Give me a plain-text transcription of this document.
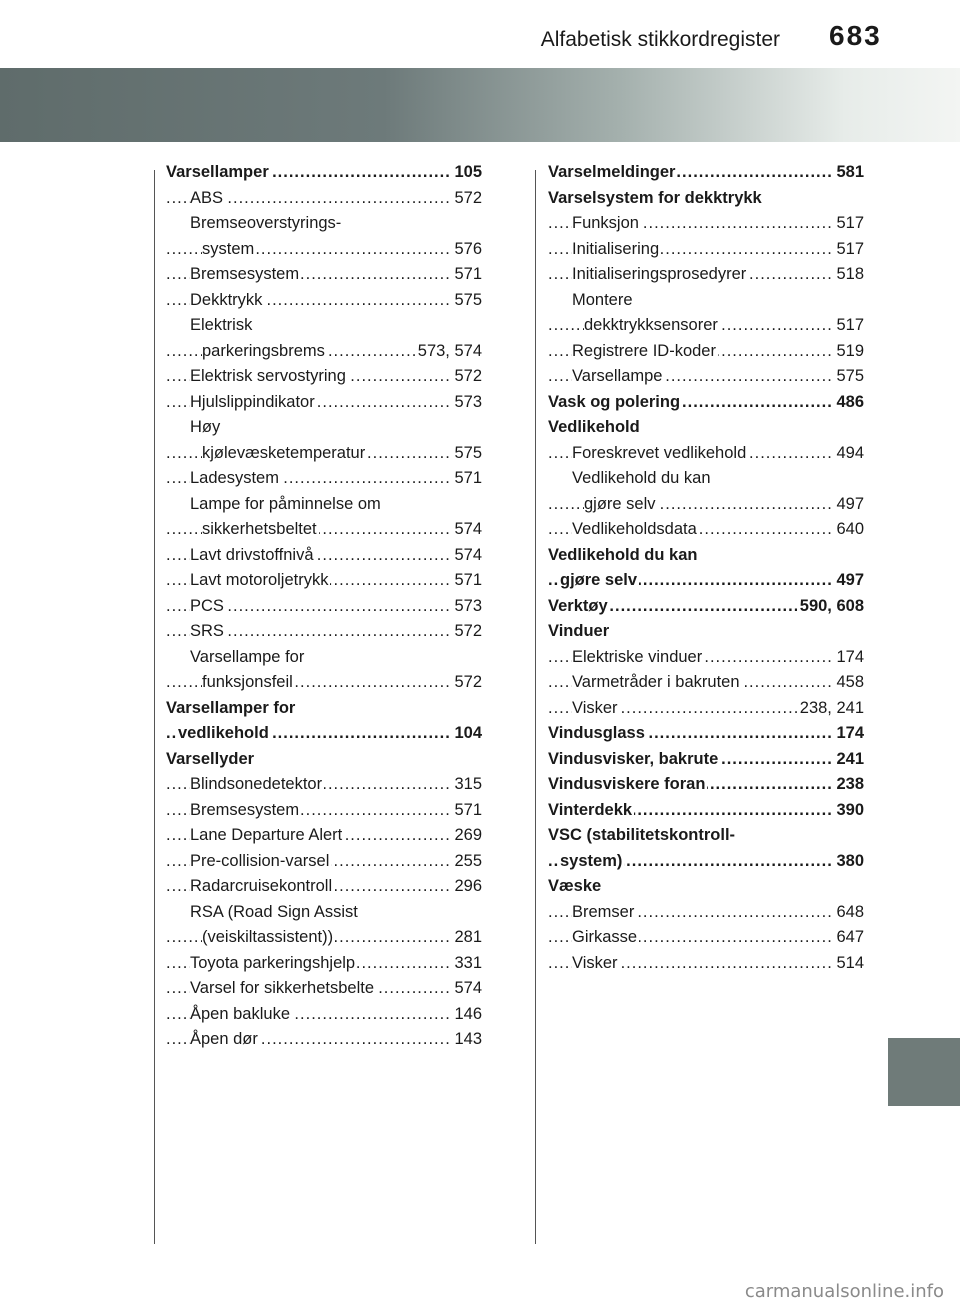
Alfabetisk stikkordregister 683
Varsellamper	105
.....
ABS	572
.....
Bremseoverstyrings-
system	576
.....
Bremsesystem	571
.....
Dekktrykk	575
.....
Elektrisk
parkeringsbrems	573, 574
.....
Elektrisk servostyring	572
.....
Hjulslippindikator	573
.....
Høy
kjølevæsketemperatur	575
.....
Ladesystem	571
.....
Lampe for påminnelse om
sikkerhetsbeltet	574
.....
Lavt drivstoffnivå	574
.....
Lavt motoroljetrykk	571
.....
PCS	573
.....
SRS	572
.....
Varsellampe for
funksjonsfeil	572
.....
Varsellamper for
vedlikehold	104
.....
Varsellyder
Blindsonedetektor	315
.....
Bremsesystem	571
.....
Lane Departure Alert	269
.....
Pre-collision-varsel	255
.....
Radarcruisekontroll	296
.....
RSA (Road Sign Assist
(veiskiltassistent))	281
.....
Toyota parkeringshjelp	331
.....
Varsel for sikkerhetsbelte	574
.....
Åpen bakluke	146
.....
Åpen dør	143
.....
Varselmeldinger	581
.....
Varselsystem for dekktrykk
Funksjon	517
.....
Initialisering	517
.....
Initialiseringsprosedyrer	518
.....
Montere
dekktrykksensorer	517
.....
Registrere ID-koder	519
.....
Varsellampe	575
.....
Vask og polering	486
.....
Vedlikehold
Foreskrevet vedlikehold	494
.....
Vedlikehold du kan
gjøre selv	497
.....
Vedlikeholdsdata	640
.....
Vedlikehold du kan
gjøre selv	497
.....
Verktøy	590, 608
.....
Vinduer
Elektriske vinduer	174
.....
Varmetråder i bakruten	458
.....
Visker	238, 241
.....
Vindusglass	174
.....
Vindusvisker, bakrute	241
.....
Vindusviskere foran	238
.....
Vinterdekk	390
.....
VSC (stabilitetskontroll-
system)	380
.....
Væske
Bremser	648
.....
Girkasse	647
.....
Visker	514
.....
carmanualsonline.info
